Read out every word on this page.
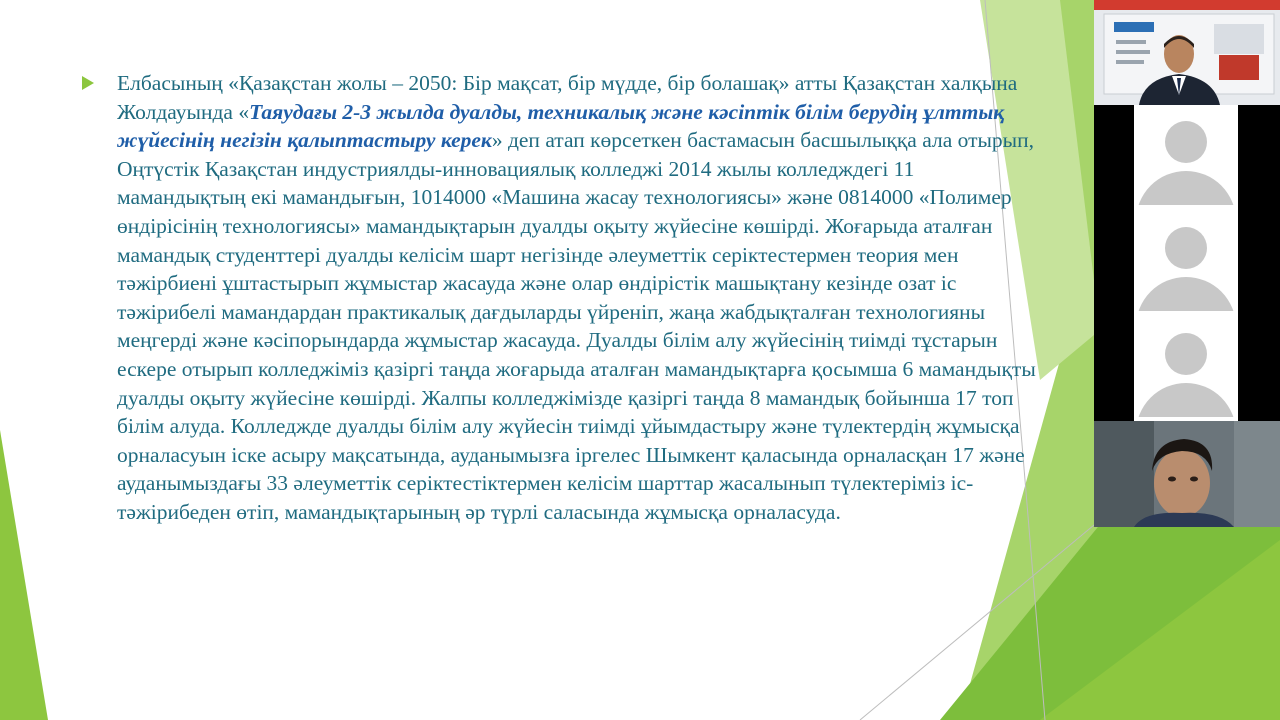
Елбасының «Қазақстан жолы – 2050: Бір мақсат, бір мүдде, бір болашақ» атты Қазақстан халқына Жолдауында «Таяудағы 2-3 жылда дуалды, техникалық және кәсіптік білім берудің ұлттық жүйесінің негізін қалыптастыру керек» деп атап көрсеткен бастамасын басшылыққа ала отырып, Оңтүстік Қазақстан индустриялды-инновациялық колледжі 2014 жылы колледждегі 11 мамандықтың екі мамандығын, 1014000 «Машина жасау технологиясы» және 0814000 «Полимер өндірісінің технологиясы» мамандықтарын дуалды оқыту жүйесіне көшірді. Жоғарыда аталған мамандық студенттері дуалды келісім шарт негізінде әлеуметтік серіктестермен теория мен тәжірбиені ұштастырып жұмыстар жасауда және олар өндірістік машықтану кезінде озат іс тәжірибелі мамандардан практикалық дағдыларды үйреніп, жаңа жабдықталған технологияны меңгерді және кәсіпорындарда жұмыстар жасауда. Дуалды білім алу жүйесінің тиімді тұстарын ескере отырып колледжіміз қазіргі таңда жоғарыда аталған мамандықтарға қосымша 6 мамандықты дуалды оқыту жүйесіне көшірді. Жалпы колледжімізде қазіргі таңда 8 мамандық бойынша 17 топ білім алуда. Колледжде дуалды білім алу жүйесін тиімді ұйымдастыру және түлектердің жұмысқа орналасуын іске асыру мақсатында, ауданымызға іргелес Шымкент қаласында орналасқан 17 және ауданымыздағы 33 әлеуметтік серіктестіктермен келісім шарттар жасалынып түлектеріміз іс-тәжірибеден өтіп, мамандықтарының әр түрлі саласында жұмысқа орналасуда.
